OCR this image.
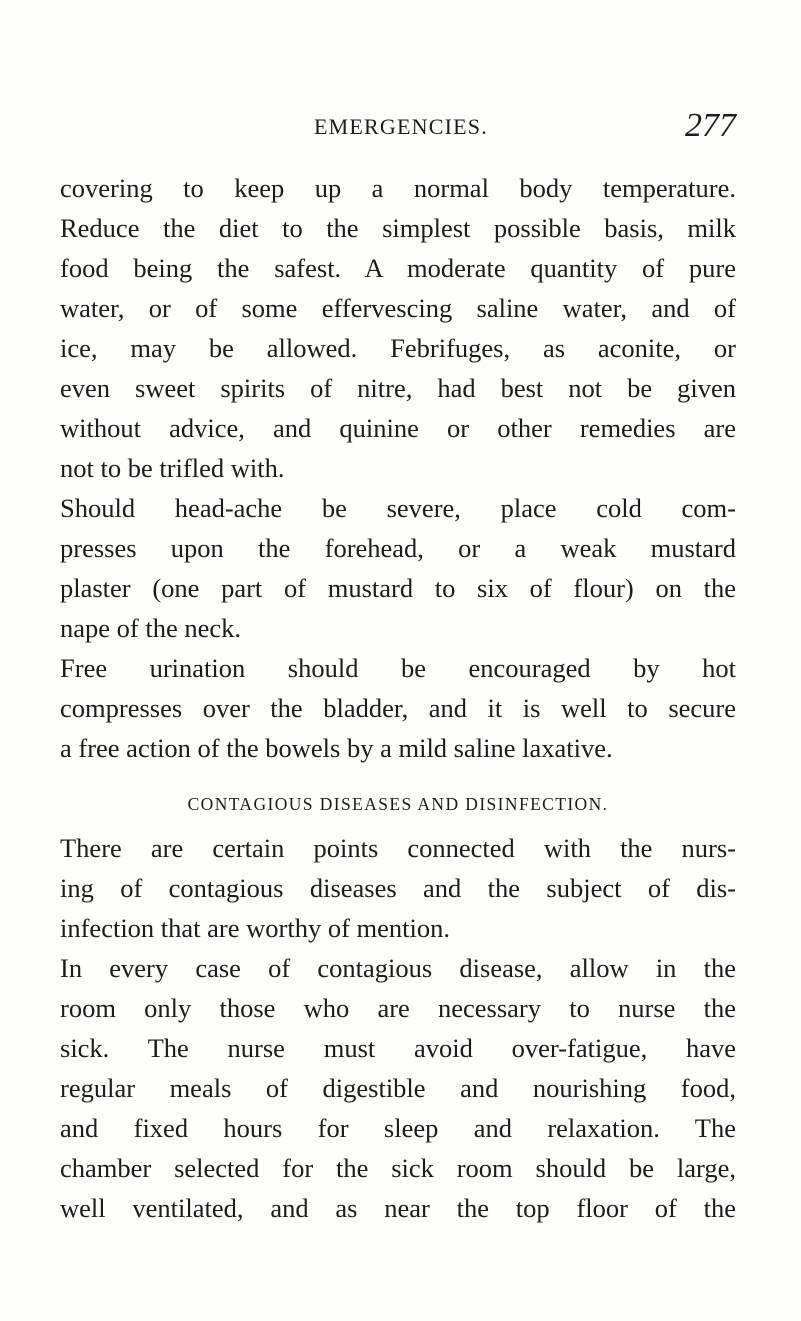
EMERGENCIES.	277
covering to keep up a normal body temperature.
Reduce the diet to the simplest possible basis, milk
food being the safest. A moderate quantity of pure
water, or of some effervescing saline water, and of
ice, may be allowed. Febrifuges, as aconite, or
even sweet spirits of nitre, had best not be given
without advice, and quinine or other remedies are
not to be trifled with.
Should head-ache be severe, place cold com-
presses upon the forehead, or a weak mustard
plaster (one part of mustard to six of flour) on the
nape of the neck.
Free urination should be encouraged by hot
compresses over the bladder, and it is well to secure
a free action of the bowels by a mild saline laxative.
CONTAGIOUS DISEASES AND DISINFECTION.
There are certain points connected with the nurs-
ing of contagious diseases and the subject of dis-
infection that are worthy of mention.
In every case of contagious disease, allow in the
room only those who are necessary to nurse the
sick. The nurse must avoid over-fatigue, have
regular meals of digestible and nourishing food,
and fixed hours for sleep and relaxation. The
chamber selected for the sick room should be large,
well ventilated, and as near the top floor of the
